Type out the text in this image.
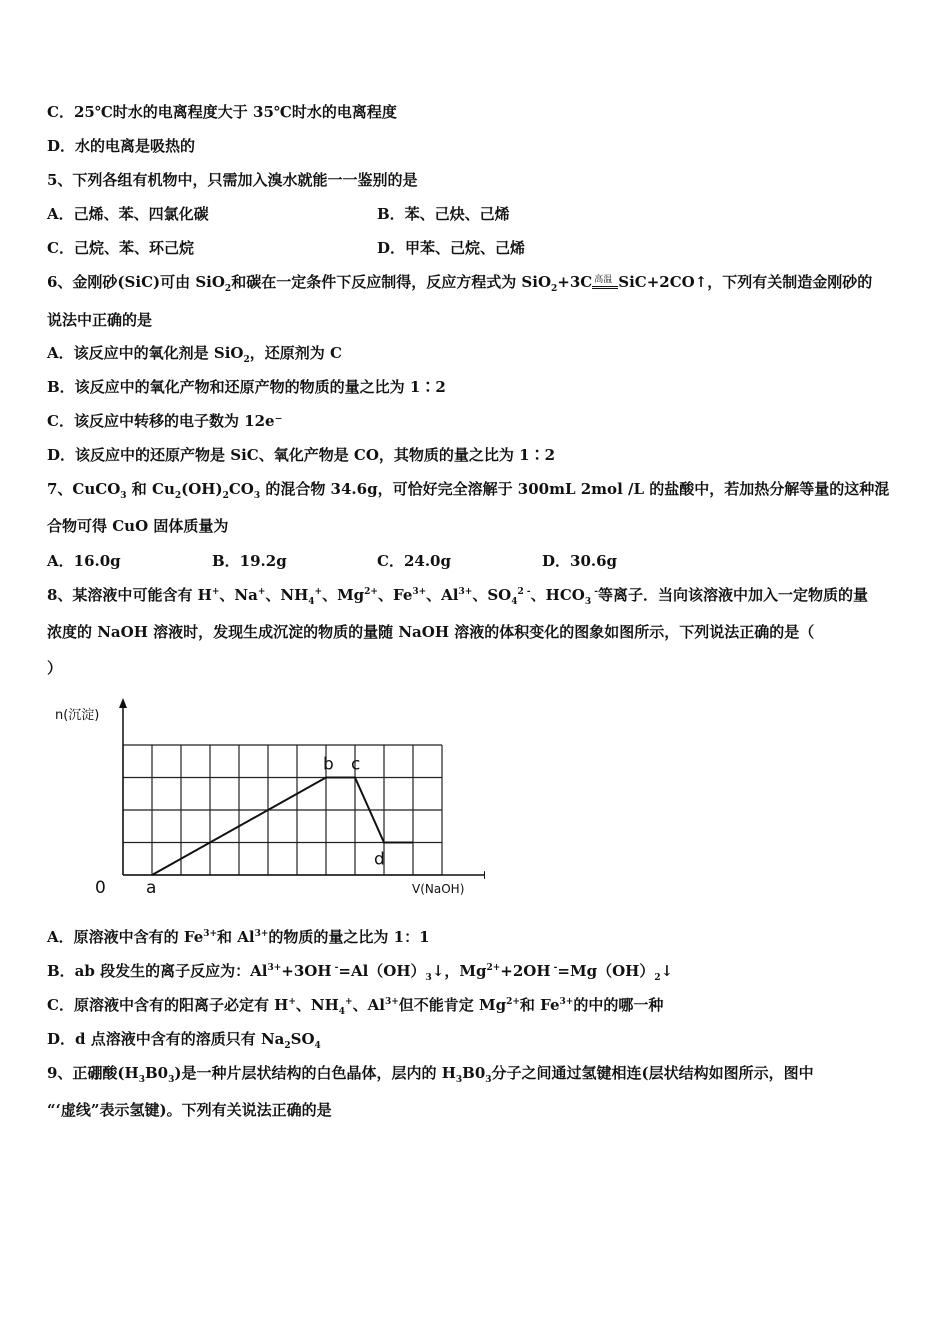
C．25℃时水的电离程度大于 35℃时水的电离程度
D．水的电离是吸热的
5、下列各组有机物中，只需加入溴水就能一一鉴别的是
A．己烯、苯、四氯化碳	B．苯、己炔、己烯
C．己烷、苯、环己烷	D．甲苯、己烷、己烯
6、金刚砂(SiC)可由 SiO$_2$和碳在一定条件下反应制得，反应方程式为 SiO$_2$+3C 高温 SiC+2CO↑，下列有关制造金刚砂的
说法中正确的是
A．该反应中的氧化剂是 SiO$_2$，还原剂为 C
B．该反应中的氧化产物和还原产物的物质的量之比为 1∶2
C．该反应中转移的电子数为 12e⁻
D．该反应中的还原产物是 SiC、氧化产物是 CO，其物质的量之比为 1∶2
7、CuCO$_3$ 和 $Cu_2(OH)_2CO_3$ 的混合物 34.6g，可恰好完全溶解于 300mL 2mol /L 的盐酸中，若加热分解等量的这种混
合物可得 CuO 固体质量为
A．16.0g	B．19.2g	C．24.0g	D．30.6g
8、某溶液中可能含有 H+、Na+、$NH_4^+$、$Mg^{2+}$、$Fe^{3+}$、$Al^{3+}$、$SO_4^{2 -}$、$HCO_3$ -等离子．当向该溶液中加入一定物质的量
浓度的 NaOH 溶液时，发现生成沉淀的物质的量随 NaOH 溶液的体积变化的图象如图所示，下列说法正确的是（
）
a
b c
d
0
n(沉淀)
V(NaOH)
A．原溶液中含有的 $Fe^{3+}$和 $Al^{3+}$的物质的量之比为 1：1
B．ab 段发生的离子反应为：$Al^{3+}+3OH$ $^-=Al(OH)_3↓$，$Mg^{2+}+2OH$ $^-=Mg(OH)_2↓$
C．原溶液中含有的阳离子必定有 H+、$NH_4^+$、$Al^{3+}$但不能肯定 $Mg^{2+}$和 $Fe^{3+}$的中的哪一种
D．d 点溶液中含有的溶质只有 $Na_2SO_4$
9、正硼酸$(H_3B0_3)$是一种片层状结构的白色晶体，层内的 $H_3B0_3$分子之间通过氢键相连(层状结构如图所示，图中
“‘虚线”表示氢键)。下列有关说法正确的是
